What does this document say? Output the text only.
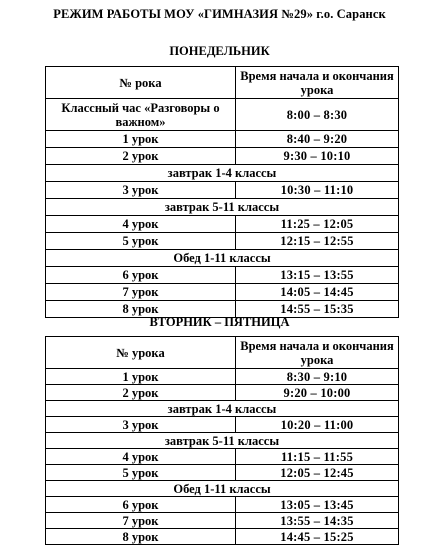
РЕЖИМ РАБОТЫ МОУ «ГИМНАЗИЯ №29» г.о. Саранск
ПОНЕДЕЛЬНИК
№ рока	Время начала и окончания урока
Классный час «Разговоры о важном»	8:00 – 8:30
1 урок	8:40 – 9:20
2 урок	9:30 – 10:10
завтрак 1-4 классы	
3 урок	10:30 – 11:10
завтрак 5-11 классы	
4 урок	11:25 – 12:05
5 урок	12:15 – 12:55
Обед 1-11 классы	
6 урок	13:15 – 13:55
7 урок	14:05 – 14:45
8 урок	14:55 – 15:35
ВТОРНИК – ПЯТНИЦА
№ урока	Время начала и окончания урока
1 урок	8:30 – 9:10
2 урок	9:20 – 10:00
завтрак 1-4 классы	
3 урок	10:20 – 11:00
завтрак 5-11 классы	
4 урок	11:15 – 11:55
5 урок	12:05 – 12:45
Обед 1-11 классы	
6 урок	13:05 – 13:45
7 урок	13:55 – 14:35
8 урок	14:45 – 15:25
